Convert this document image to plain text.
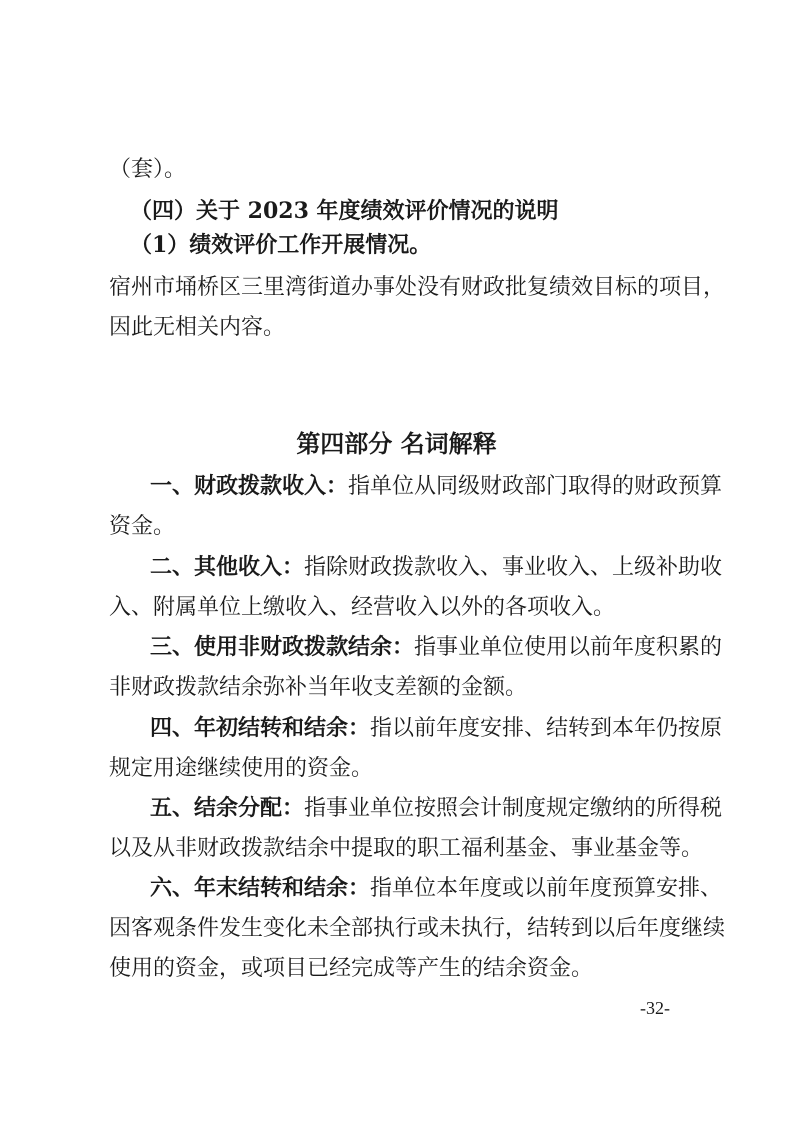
（套）。
（四）关于 2023 年度绩效评价情况的说明
（1）绩效评价工作开展情况。
宿州市埇桥区三里湾街道办事处没有财政批复绩效目标的项目，
因此无相关内容。
第四部分 名词解释
一、财政拨款收入：指单位从同级财政部门取得的财政预算
资金。
二、其他收入：指除财政拨款收入、事业收入、上级补助收
入、附属单位上缴收入、经营收入以外的各项收入。
三、使用非财政拨款结余：指事业单位使用以前年度积累的
非财政拨款结余弥补当年收支差额的金额。
四、年初结转和结余：指以前年度安排、结转到本年仍按原
规定用途继续使用的资金。
五、结余分配：指事业单位按照会计制度规定缴纳的所得税
以及从非财政拨款结余中提取的职工福利基金、事业基金等。
六、年末结转和结余：指单位本年度或以前年度预算安排、
因客观条件发生变化未全部执行或未执行，结转到以后年度继续
使用的资金，或项目已经完成等产生的结余资金。
-32-
